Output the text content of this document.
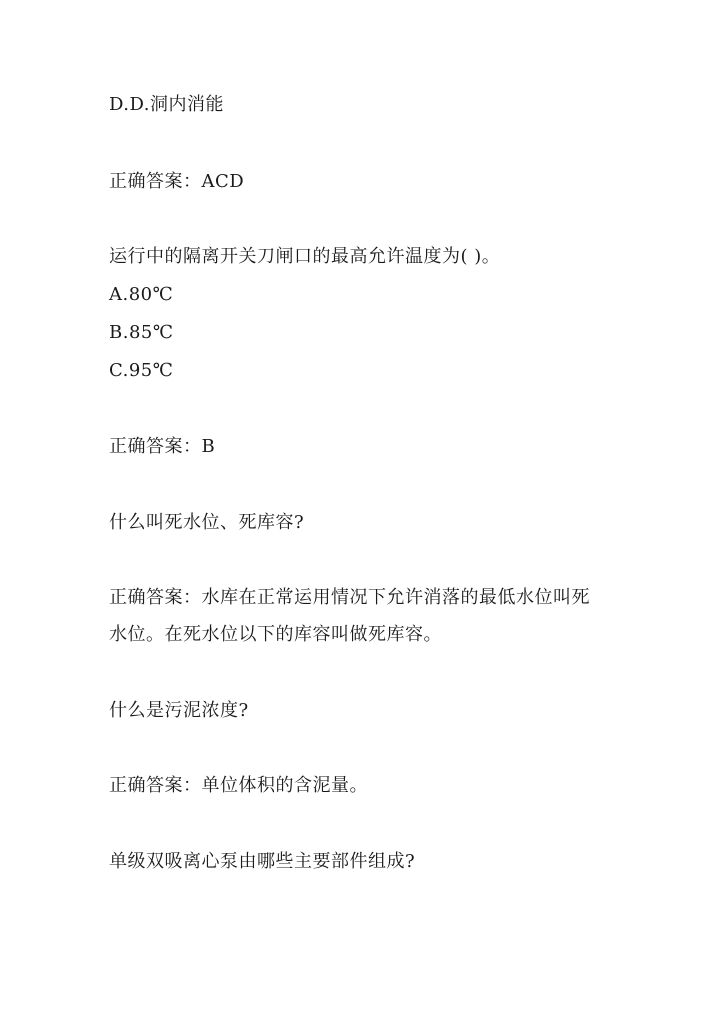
D.D.洞内消能
正确答案：ACD
运行中的隔离开关刀闸口的最高允许温度为( )。
A.80℃
B.85℃
C.95℃
正确答案：B
什么叫死水位、死库容?
正确答案：水库在正常运用情况下允许消落的最低水位叫死
水位。在死水位以下的库容叫做死库容。
什么是污泥浓度?
正确答案：单位体积的含泥量。
单级双吸离心泵由哪些主要部件组成?
